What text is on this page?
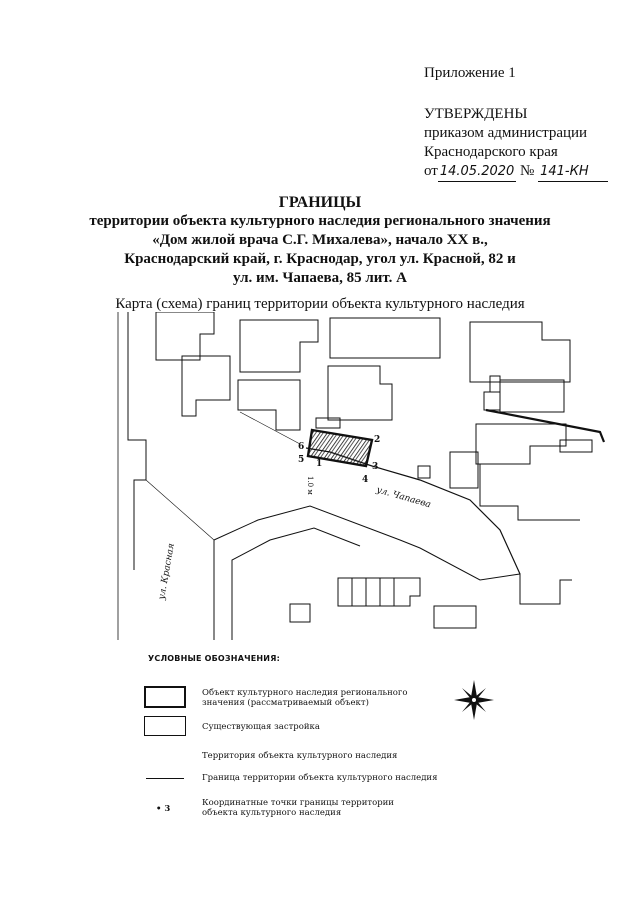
Приложение 1
УТВЕРЖДЕНЫ
приказом администрации
Краснодарского края
от 14.05.2020 № 141-КН
ГРАНИЦЫ
территории объекта культурного наследия регионального значения
«Дом жилой врача С.Г. Михалева», начало XX в.,
Краснодарский край, г. Краснодар, угол ул. Красной, 82 и
ул. им. Чапаева, 85 лит. А
Карта (схема) границ территории объекта культурного наследия
6
5 1
2
3
4
1.0 м	ул. Чапаева
ул. Красная
УСЛОВНЫЕ ОБОЗНАЧЕНИЯ:
Объект культурного наследия регионального
значения (рассматриваемый объект)
Существующая застройка
Территория объекта культурного наследия
Граница территории объекта культурного наследия
• 3
Координатные точки границы территории
объекта культурного наследия
